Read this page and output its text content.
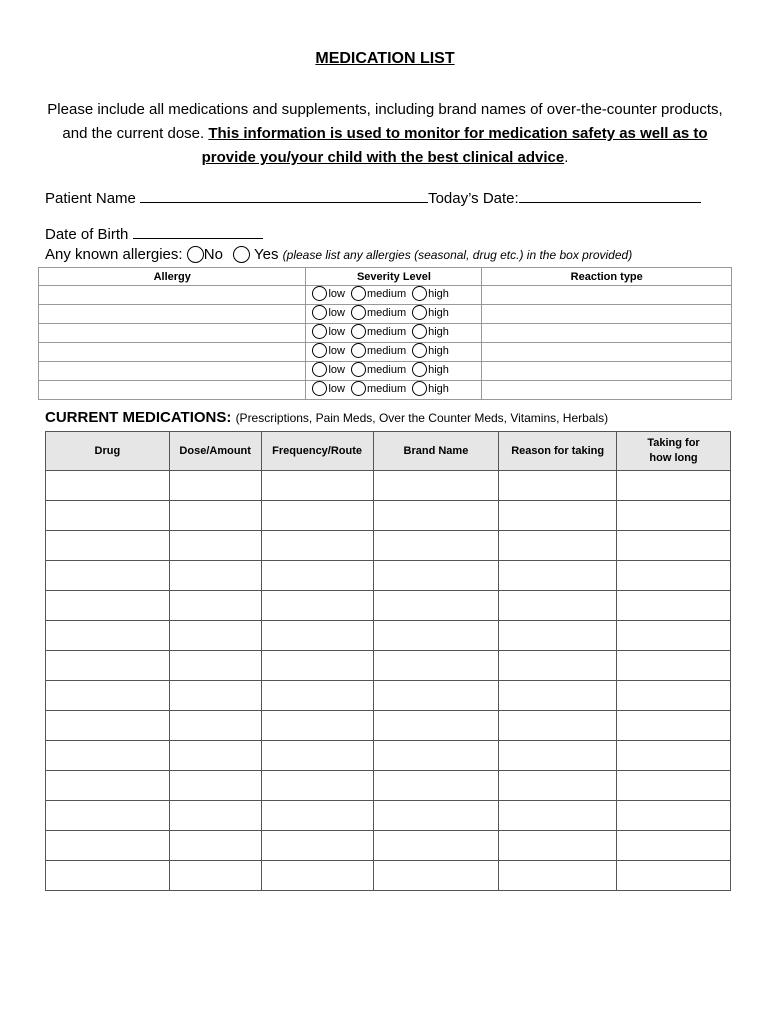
MEDICATION LIST
Please include all medications and supplements, including brand names of over-the-counter products, and the current dose. This information is used to monitor for medication safety as well as to provide you/your child with the best clinical advice.
Patient Name	Today’s Date:
Date of Birth
Any known allergies: No Yes (please list any allergies (seasonal, drug etc.) in the box provided)
Allergy	Severity Level	Reaction type

	low medium high	

	low medium high	

	low medium high	

	low medium high	

	low medium high	

	low medium high	

CURRENT MEDICATIONS: (Prescriptions, Pain Meds, Over the Counter Meds, Vitamins, Herbals)
Drug	Dose/Amount	Frequency/Route	Brand Name	Reason for taking	Taking for how long
